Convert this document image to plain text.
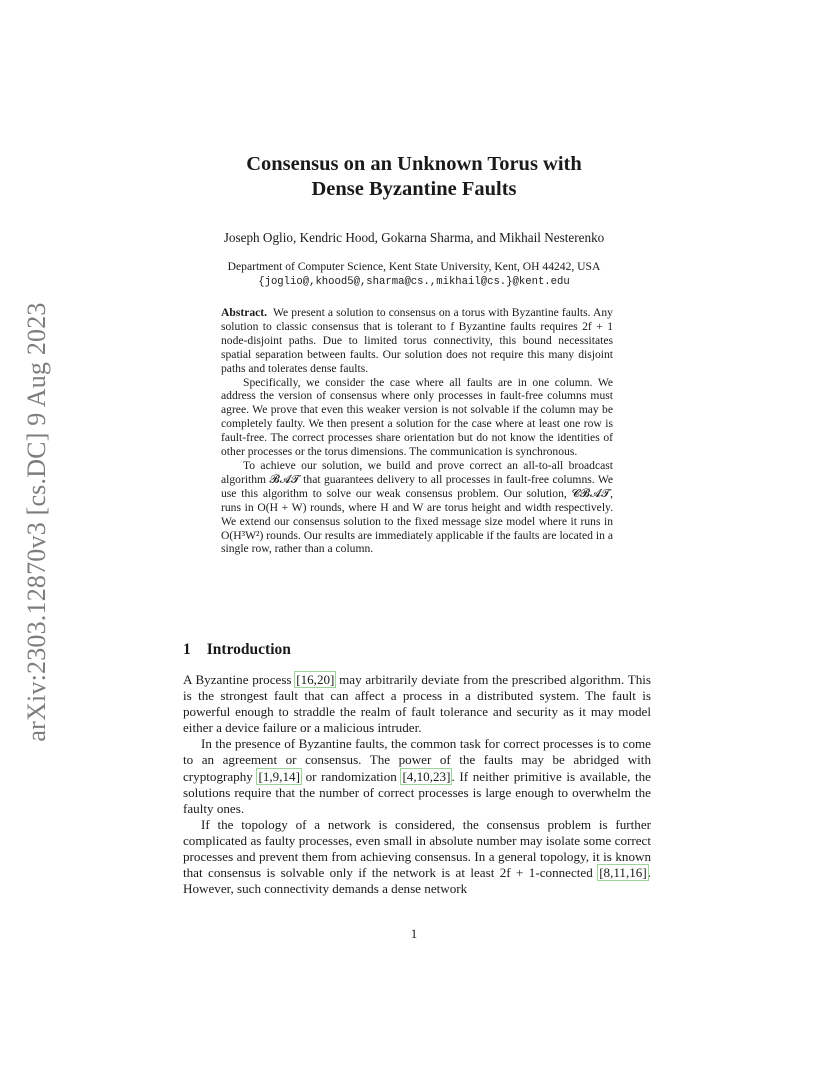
arXiv:2303.12870v3 [cs.DC] 9 Aug 2023
Consensus on an Unknown Torus with
Dense Byzantine Faults
Joseph Oglio, Kendric Hood, Gokarna Sharma, and Mikhail Nesterenko
Department of Computer Science, Kent State University, Kent, OH 44242, USA
{joglio@,khood5@,sharma@cs.,mikhail@cs.}@kent.edu

Abstract. We present a solution to consensus on a torus with Byzantine faults. Any solution to classic consensus that is tolerant to f Byzantine faults requires 2f + 1 node-disjoint paths. Due to limited torus connectivity, this bound necessitates spatial separation between faults. Our solution does not require this many disjoint paths and tolerates dense faults.

Specifically, we consider the case where all faults are in one column. We address the version of consensus where only processes in fault-free columns must agree. We prove that even this weaker version is not solvable if the column may be completely faulty. We then present a solution for the case where at least one row is fault-free. The correct processes share orientation but do not know the identities of other processes or the torus dimensions. The communication is synchronous.

To achieve our solution, we build and prove correct an all-to-all broadcast algorithm 𝓑𝓐𝓣 that guarantees delivery to all processes in fault-free columns. We use this algorithm to solve our weak consensus problem. Our solution, 𝓒𝓑𝓐𝓣, runs in O(H + W) rounds, where H and W are torus height and width respectively. We extend our consensus solution to the fixed message size model where it runs in O(H³W²) rounds. Our results are immediately applicable if the faults are located in a single row, rather than a column.

1 Introduction

A Byzantine process [16,20] may arbitrarily deviate from the prescribed algorithm. This is the strongest fault that can affect a process in a distributed system. The fault is powerful enough to straddle the realm of fault tolerance and security as it may model either a device failure or a malicious intruder.

In the presence of Byzantine faults, the common task for correct processes is to come to an agreement or consensus. The power of the faults may be abridged with cryptography [1,9,14] or randomization [4,10,23]. If neither primitive is available, the solutions require that the number of correct processes is large enough to overwhelm the faulty ones.

If the topology of a network is considered, the consensus problem is further complicated as faulty processes, even small in absolute number may isolate some correct processes and prevent them from achieving consensus. In a general topology, it is known that consensus is solvable only if the network is at least 2f + 1-connected [8,11,16]. However, such connectivity demands a dense network

1
